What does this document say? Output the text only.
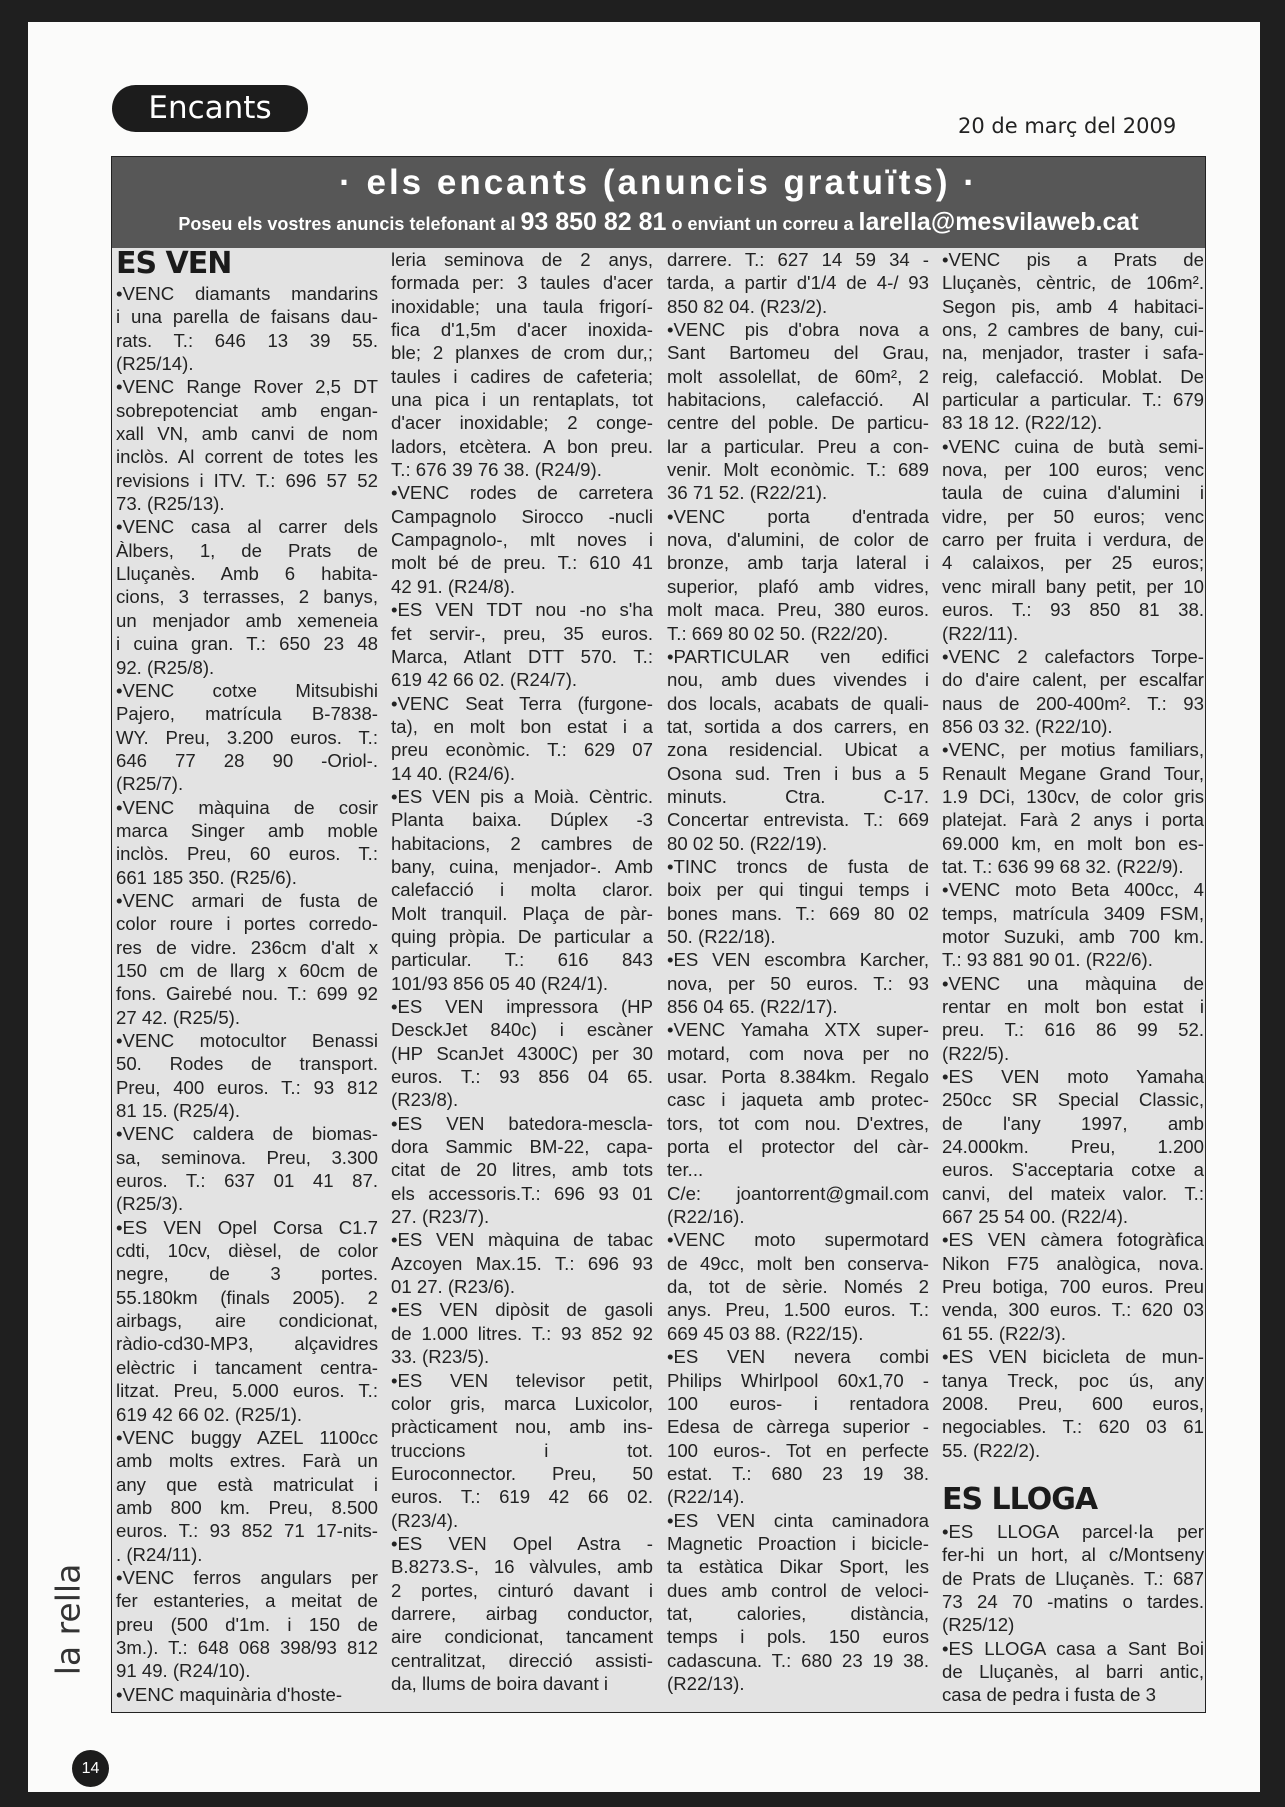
Encants	20 de març del 2009
· els encants (anuncis gratuïts) ·
Poseu els vostres anuncis telefonant al 93 850 82 81 o enviant un correu a larella@mesvilaweb.cat
ES VEN
•VENC diamants mandarins
i una parella de faisans dau-
rats. T.: 646 13 39 55.
(R25/14).
•VENC Range Rover 2,5 DT
sobrepotenciat amb engan-
xall VN, amb canvi de nom
inclòs. Al corrent de totes les
revisions i ITV. T.: 696 57 52
73. (R25/13).
•VENC casa al carrer dels
Àlbers, 1, de Prats de
Lluçanès. Amb 6 habita-
cions, 3 terrasses, 2 banys,
un menjador amb xemeneia
i cuina gran. T.: 650 23 48
92. (R25/8).
•VENC cotxe Mitsubishi
Pajero, matrícula B-7838-
WY. Preu, 3.200 euros. T.:
646 77 28 90 -Oriol-.
(R25/7).
•VENC màquina de cosir
marca Singer amb moble
inclòs. Preu, 60 euros. T.:
661 185 350. (R25/6).
•VENC armari de fusta de
color roure i portes corredo-
res de vidre. 236cm d'alt x
150 cm de llarg x 60cm de
fons. Gairebé nou. T.: 699 92
27 42. (R25/5).
•VENC motocultor Benassi
50. Rodes de transport.
Preu, 400 euros. T.: 93 812
81 15. (R25/4).
•VENC caldera de biomas-
sa, seminova. Preu, 3.300
euros. T.: 637 01 41 87.
(R25/3).
•ES VEN Opel Corsa C1.7
cdti, 10cv, dièsel, de color
negre, de 3 portes.
55.180km (finals 2005). 2
airbags, aire condicionat,
ràdio-cd30-MP3, alçavidres
elèctric i tancament centra-
litzat. Preu, 5.000 euros. T.:
619 42 66 02. (R25/1).
•VENC buggy AZEL 1100cc
amb molts extres. Farà un
any que està matriculat i
amb 800 km. Preu, 8.500
euros. T.: 93 852 71 17-nits-
. (R24/11).
•VENC ferros angulars per
fer estanteries, a meitat de
preu (500 d'1m. i 150 de
3m.). T.: 648 068 398/93 812
91 49. (R24/10).
•VENC maquinària d'hoste-
leria seminova de 2 anys,
formada per: 3 taules d'acer
inoxidable; una taula frigorí-
fica d'1,5m d'acer inoxida-
ble; 2 planxes de crom dur,;
taules i cadires de cafeteria;
una pica i un rentaplats, tot
d'acer inoxidable; 2 conge-
ladors, etcètera. A bon preu.
T.: 676 39 76 38. (R24/9).
•VENC rodes de carretera
Campagnolo Sirocco -nucli
Campagnolo-, mlt noves i
molt bé de preu. T.: 610 41
42 91. (R24/8).
•ES VEN TDT nou -no s'ha
fet servir-, preu, 35 euros.
Marca, Atlant DTT 570. T.:
619 42 66 02. (R24/7).
•VENC Seat Terra (furgone-
ta), en molt bon estat i a
preu econòmic. T.: 629 07
14 40. (R24/6).
•ES VEN pis a Moià. Cèntric.
Planta baixa. Dúplex -3
habitacions, 2 cambres de
bany, cuina, menjador-. Amb
calefacció i molta claror.
Molt tranquil. Plaça de pàr-
quing pròpia. De particular a
particular. T.: 616 843
101/93 856 05 40 (R24/1).
•ES VEN impressora (HP
DesckJet 840c) i escàner
(HP ScanJet 4300C) per 30
euros. T.: 93 856 04 65.
(R23/8).
•ES VEN batedora-mescla-
dora Sammic BM-22, capa-
citat de 20 litres, amb tots
els accessoris.T.: 696 93 01
27. (R23/7).
•ES VEN màquina de tabac
Azcoyen Max.15. T.: 696 93
01 27. (R23/6).
•ES VEN dipòsit de gasoli
de 1.000 litres. T.: 93 852 92
33. (R23/5).
•ES VEN televisor petit,
color gris, marca Luxicolor,
pràcticament nou, amb ins-
truccions i tot.
Euroconnector. Preu, 50
euros. T.: 619 42 66 02.
(R23/4).
•ES VEN Opel Astra -
B.8273.S-, 16 vàlvules, amb
2 portes, cinturó davant i
darrere, airbag conductor,
aire condicionat, tancament
centralitzat, direcció assisti-
da, llums de boira davant i
darrere. T.: 627 14 59 34 -
tarda, a partir d'1/4 de 4-/ 93
850 82 04. (R23/2).
•VENC pis d'obra nova a
Sant Bartomeu del Grau,
molt assolellat, de 60m², 2
habitacions, calefacció. Al
centre del poble. De particu-
lar a particular. Preu a con-
venir. Molt econòmic. T.: 689
36 71 52. (R22/21).
•VENC porta d'entrada
nova, d'alumini, de color de
bronze, amb tarja lateral i
superior, plafó amb vidres,
molt maca. Preu, 380 euros.
T.: 669 80 02 50. (R22/20).
•PARTICULAR ven edifici
nou, amb dues vivendes i
dos locals, acabats de quali-
tat, sortida a dos carrers, en
zona residencial. Ubicat a
Osona sud. Tren i bus a 5
minuts. Ctra. C-17.
Concertar entrevista. T.: 669
80 02 50. (R22/19).
•TINC troncs de fusta de
boix per qui tingui temps i
bones mans. T.: 669 80 02
50. (R22/18).
•ES VEN escombra Karcher,
nova, per 50 euros. T.: 93
856 04 65. (R22/17).
•VENC Yamaha XTX super-
motard, com nova per no
usar. Porta 8.384km. Regalo
casc i jaqueta amb protec-
tors, tot com nou. D'extres,
porta el protector del càr-
ter...
C/e: joantorrent@gmail.com
(R22/16).
•VENC moto supermotard
de 49cc, molt ben conserva-
da, tot de sèrie. Només 2
anys. Preu, 1.500 euros. T.:
669 45 03 88. (R22/15).
•ES VEN nevera combi
Philips Whirlpool 60x1,70 -
100 euros- i rentadora
Edesa de càrrega superior -
100 euros-. Tot en perfecte
estat. T.: 680 23 19 38.
(R22/14).
•ES VEN cinta caminadora
Magnetic Proaction i bicicle-
ta estàtica Dikar Sport, les
dues amb control de veloci-
tat, calories, distància,
temps i pols. 150 euros
cadascuna. T.: 680 23 19 38.
(R22/13).
•VENC pis a Prats de
Lluçanès, cèntric, de 106m².
Segon pis, amb 4 habitaci-
ons, 2 cambres de bany, cui-
na, menjador, traster i safa-
reig, calefacció. Moblat. De
particular a particular. T.: 679
83 18 12. (R22/12).
•VENC cuina de butà semi-
nova, per 100 euros; venc
taula de cuina d'alumini i
vidre, per 50 euros; venc
carro per fruita i verdura, de
4 calaixos, per 25 euros;
venc mirall bany petit, per 10
euros. T.: 93 850 81 38.
(R22/11).
•VENC 2 calefactors Torpe-
do d'aire calent, per escalfar
naus de 200-400m². T.: 93
856 03 32. (R22/10).
•VENC, per motius familiars,
Renault Megane Grand Tour,
1.9 DCi, 130cv, de color gris
platejat. Farà 2 anys i porta
69.000 km, en molt bon es-
tat. T.: 636 99 68 32. (R22/9).
•VENC moto Beta 400cc, 4
temps, matrícula 3409 FSM,
motor Suzuki, amb 700 km.
T.: 93 881 90 01. (R22/6).
•VENC una màquina de
rentar en molt bon estat i
preu. T.: 616 86 99 52.
(R22/5).
•ES VEN moto Yamaha
250cc SR Special Classic,
de l'any 1997, amb
24.000km. Preu, 1.200
euros. S'acceptaria cotxe a
canvi, del mateix valor. T.:
667 25 54 00. (R22/4).
•ES VEN càmera fotogràfica
Nikon F75 analògica, nova.
Preu botiga, 700 euros. Preu
venda, 300 euros. T.: 620 03
61 55. (R22/3).
•ES VEN bicicleta de mun-
tanya Treck, poc ús, any
2008. Preu, 600 euros,
negociables. T.: 620 03 61
55. (R22/2).
ES LLOGA
•ES LLOGA parcel·la per
fer-hi un hort, al c/Montseny
de Prats de Lluçanès. T.: 687
73 24 70 -matins o tardes.
(R25/12)
•ES LLOGA casa a Sant Boi
de Lluçanès, al barri antic,
casa de pedra i fusta de 3
la rella
14
